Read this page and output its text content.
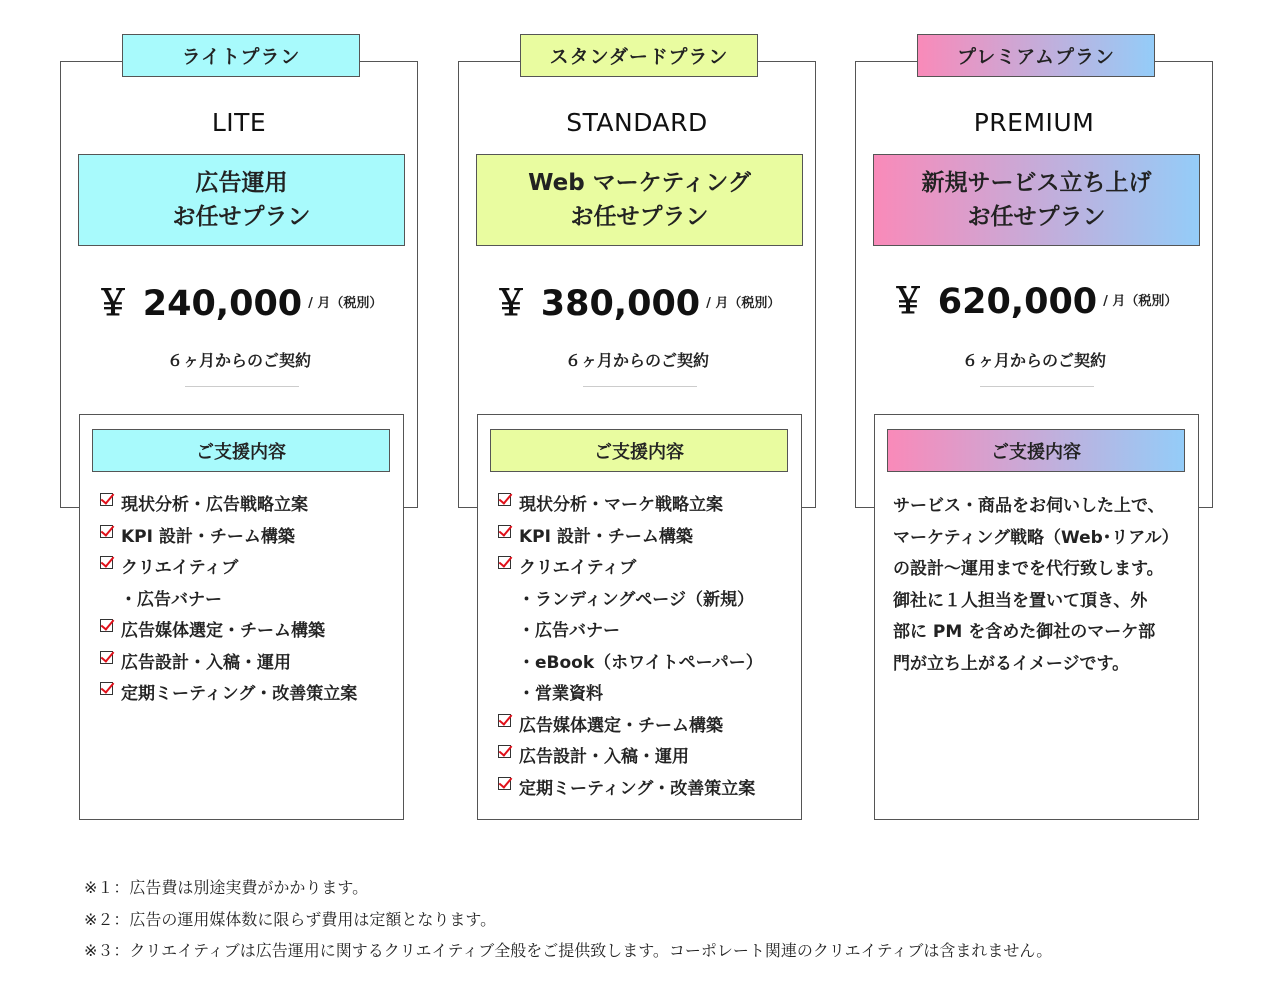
ライトプラン
LITE
広告運用
お任せプラン
￥ 240,000 / 月（税別）
６ヶ月からのご契約
ご支援内容
現状分析・広告戦略立案
KPI 設計・チーム構築
クリエイティブ
・広告バナー
広告媒体選定・チーム構築
広告設計・入稿・運用
定期ミーティング・改善策立案
スタンダードプラン
STANDARD
Web マーケティング
お任せプラン
￥ 380,000 / 月（税別）
６ヶ月からのご契約
ご支援内容
現状分析・マーケ戦略立案
KPI 設計・チーム構築
クリエイティブ
・ランディングページ（新規）
・広告バナー
・eBook（ホワイトペーパー）
・営業資料
広告媒体選定・チーム構築
広告設計・入稿・運用
定期ミーティング・改善策立案
プレミアムプラン
PREMIUM
新規サービス立ち上げ
お任せプラン
￥ 620,000 / 月（税別）
６ヶ月からのご契約
ご支援内容
サービス・商品をお伺いした上で、
マーケティング戦略（Web･リアル）
の設計〜運用までを代行致します。
御社に１人担当を置いて頂き、外
部に PM を含めた御社のマーケ部
門が立ち上がるイメージです。
※１：広告費は別途実費がかかります。
※２：広告の運用媒体数に限らず費用は定額となります。
※３：クリエイティブは広告運用に関するクリエイティブ全般をご提供致します。コーポレート関連のクリエイティブは含まれません。
